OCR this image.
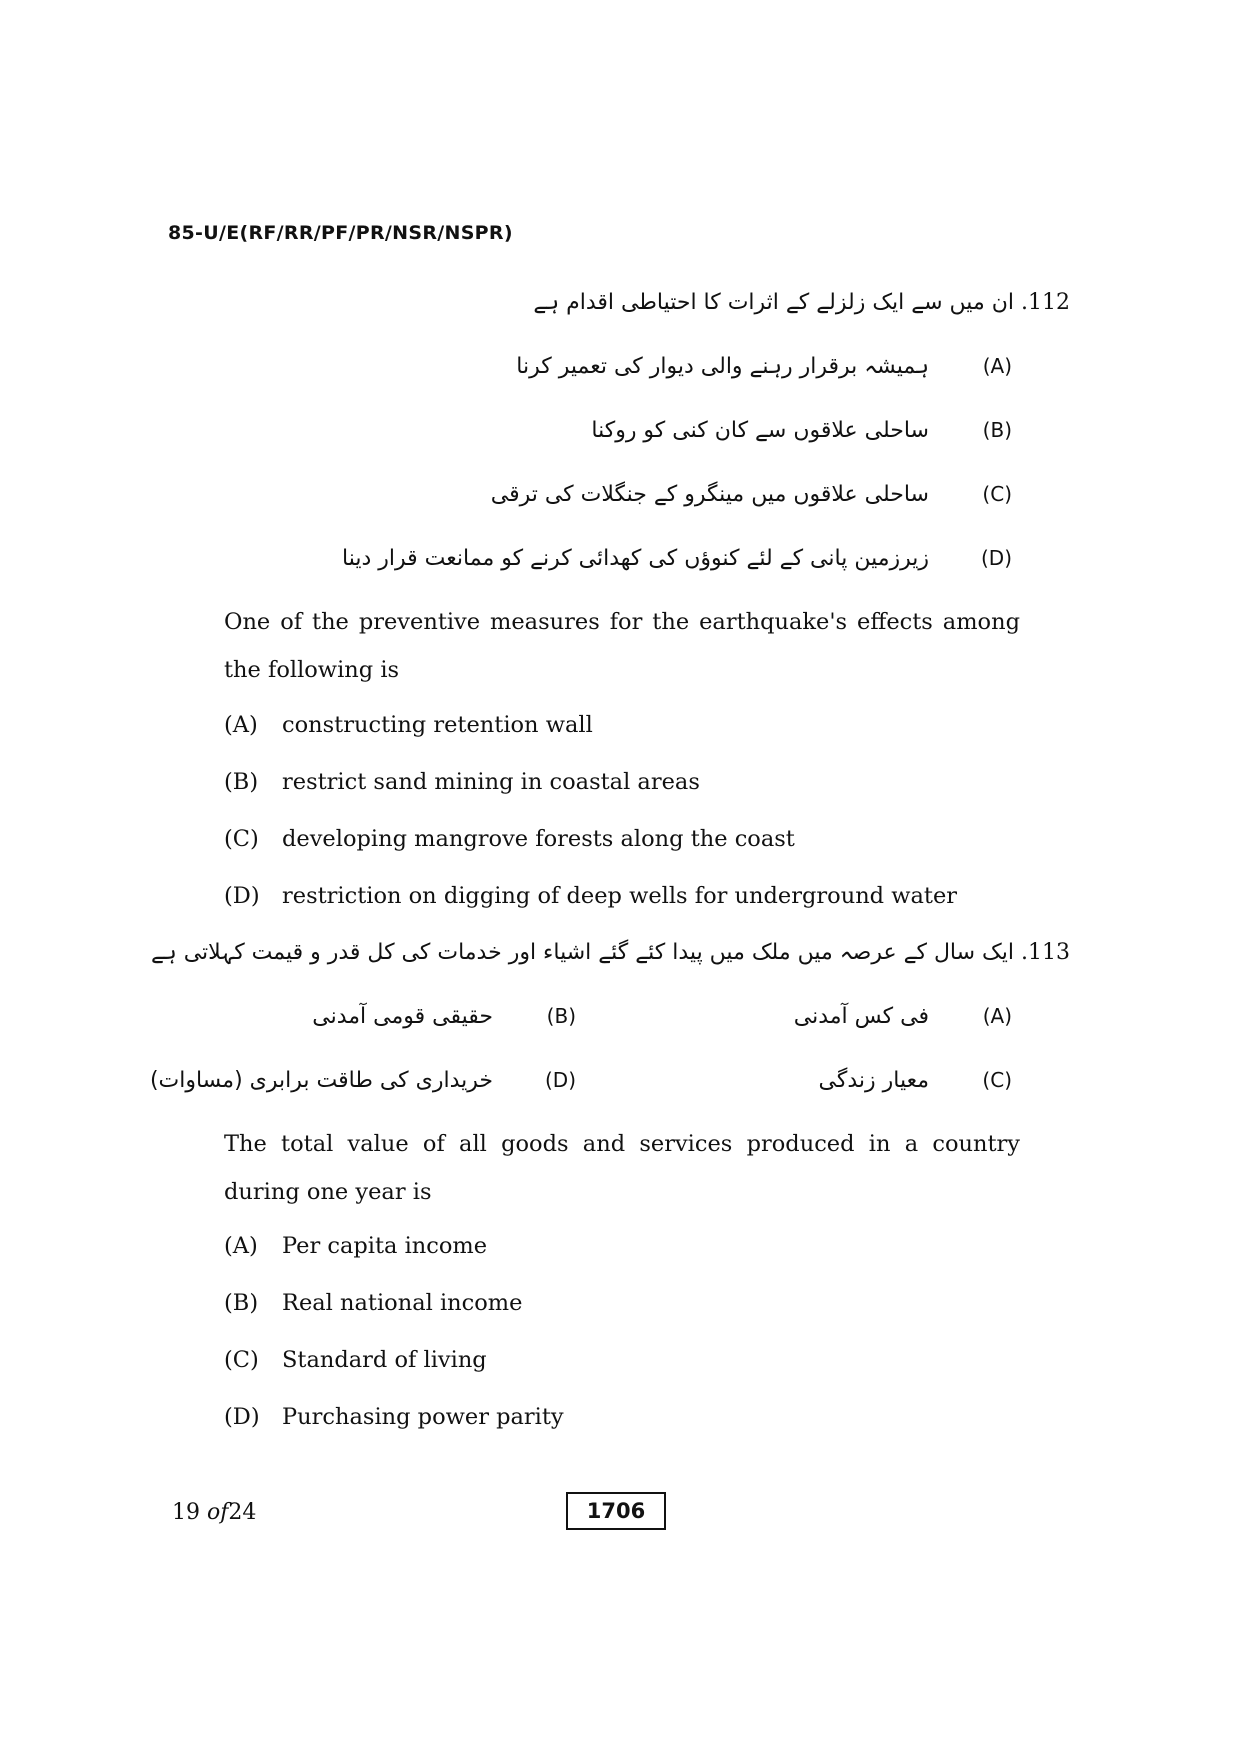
85-U/E(RF/RR/PF/PR/NSR/NSPR)
112. ان میں سے ایک زلزلے کے اثرات کا احتیاطی اقدام ہے
(A) ہمیشہ برقرار رہنے والی دیوار کی تعمیر کرنا
(B) ساحلی علاقوں سے کان کنی کو روکنا
(C) ساحلی علاقوں میں مینگرو کے جنگلات کی ترقی
(D) زیرزمین پانی کے لئے کنوؤں کی کھدائی کرنے کو ممانعت قرار دینا
One of the preventive measures for the earthquake's effects among the following is
(A) constructing retention wall
(B) restrict sand mining in coastal areas
(C) developing mangrove forests along the coast
(D) restriction on digging of deep wells for underground water
113. ایک سال کے عرصہ میں ملک میں پیدا کئے گئے اشیاء اور خدمات کی کل قدر و قیمت کہلاتی ہے
(A) فی کس آمدنی
(B) حقیقی قومی آمدنی
(C) معیار زندگی
(D) خریداری کی طاقت برابری (مساوات)
The total value of all goods and services produced in a country during one year is
(A) Per capita income
(B) Real national income
(C) Standard of living
(D) Purchasing power parity
19 of24	1706
